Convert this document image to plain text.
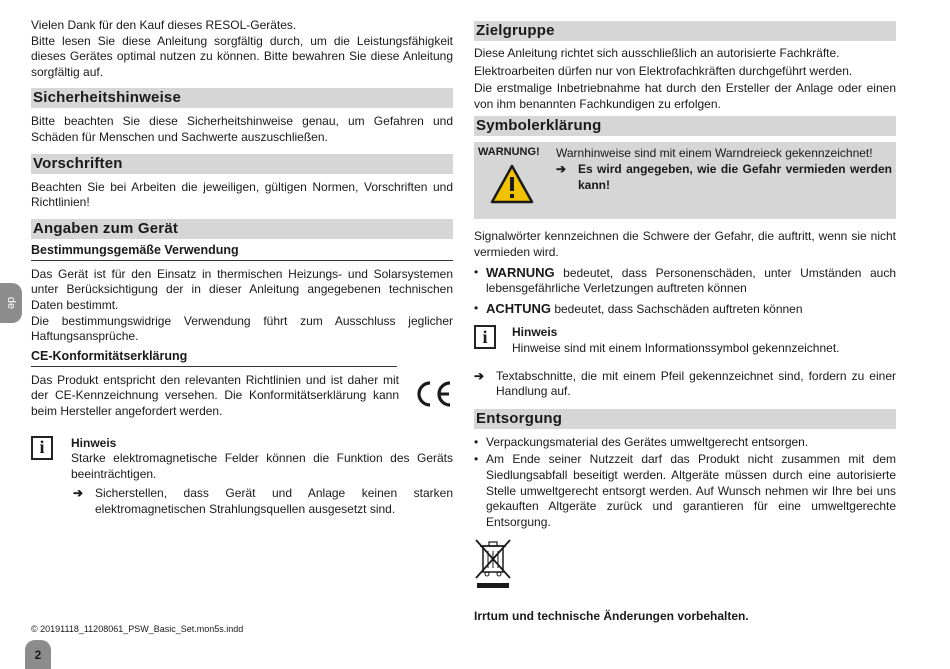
de

Vielen Dank für den Kauf dieses RESOL-Gerätes.

Bitte lesen Sie diese Anleitung sorgfältig durch, um die Leistungsfähigkeit dieses Gerätes optimal nutzen zu können. Bitte bewahren Sie diese Anleitung sorgfältig auf.

Sicherheitshinweise

Bitte beachten Sie diese Sicherheitshinweise genau, um Gefahren und Schäden für Menschen und Sachwerte auszuschließen.

Vorschriften

Beachten Sie bei Arbeiten die jeweiligen, gültigen Normen, Vorschriften und Richtlinien!

Angaben zum Gerät
Bestimmungsgemäße Verwendung

Das Gerät ist für den Einsatz in thermischen Heizungs- und Solarsystemen unter Berücksichtigung der in dieser Anleitung angegebenen technischen Daten bestimmt.

Die bestimmungswidrige Verwendung führt zum Ausschluss jeglicher Haftungsansprüche.

CE-Konformitätserklärung

Das Produkt entspricht den relevanten Richtlinien und ist daher mit der CE-Kennzeichnung versehen. Die Konformitätserklärung kann beim Hersteller angefordert werden.

i	Hinweis

Starke elektromagnetische Felder können die Funktion des Geräts beeinträchtigen.

➔ Sicherstellen, dass Gerät und Anlage keinen starken elektromagnetischen Strahlungsquellen ausgesetzt sind.

Zielgruppe

Diese Anleitung richtet sich ausschließlich an autorisierte Fachkräfte.

Elektroarbeiten dürfen nur von Elektrofachkräften durchgeführt werden.

Die erstmalige Inbetriebnahme hat durch den Ersteller der Anlage oder einen von ihm benannten Fachkundigen zu erfolgen.

Symbolerklärung
WARNUNG!	Warnhinweise sind mit einem Warndreieck gekennzeichnet!

➔ Es wird angegeben, wie die Gefahr vermieden werden kann!

Signalwörter kennzeichnen die Schwere der Gefahr, die auftritt, wenn sie nicht vermieden wird.

• WARNUNG bedeutet, dass Personenschäden, unter Umständen auch lebensgefährliche Verletzungen auftreten können
• ACHTUNG bedeutet, dass Sachschäden auftreten können
i	Hinweis

Hinweise sind mit einem Informationssymbol gekennzeichnet.

➔ Textabschnitte, die mit einem Pfeil gekennzeichnet sind, fordern zu einer Handlung auf.

Entsorgung
• Verpackungsmaterial des Gerätes umweltgerecht entsorgen.
• Am Ende seiner Nutzzeit darf das Produkt nicht zusammen mit dem Siedlungsabfall beseitigt werden. Altgeräte müssen durch eine autorisierte Stelle umweltgerecht entsorgt werden. Auf Wunsch nehmen wir Ihre bei uns gekauften Altgeräte zurück und garantieren für eine umweltgerechte Entsorgung.

Irrtum und technische Änderungen vorbehalten.

© 20191118_11208061_PSW_Basic_Set.mon5s.indd
2
